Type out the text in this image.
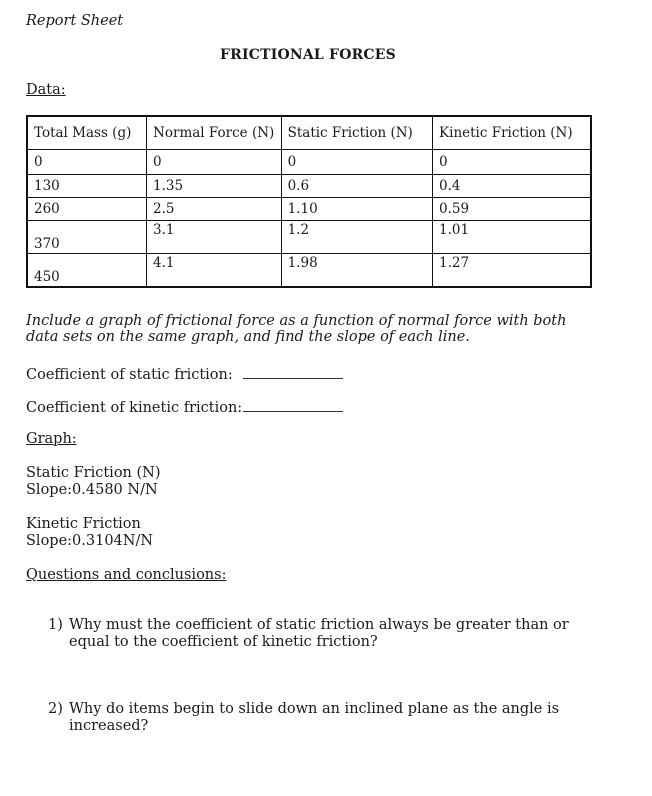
Report Sheet
FRICTIONAL FORCES
Data:
Total Mass (g)	Normal Force (N)	Static Friction (N)	Kinetic Friction (N)
0	0	0	0
130	1.35	0.6	0.4
260	2.5	1.10	0.59
370	3.1	1.2	1.01
450	4.1	1.98	1.27
Include a graph of frictional force as a function of normal force with both data sets on the same graph, and find the slope of each line.
Coefficient of static friction:
Coefficient of kinetic friction:
Graph:
Static Friction (N)
Slope:0.4580 N/N
Kinetic Friction
Slope:0.3104N/N
Questions and conclusions:
1) Why must the coefficient of static friction always be greater than or equal to the coefficient of kinetic friction?
2) Why do items begin to slide down an inclined plane as the angle is increased?
